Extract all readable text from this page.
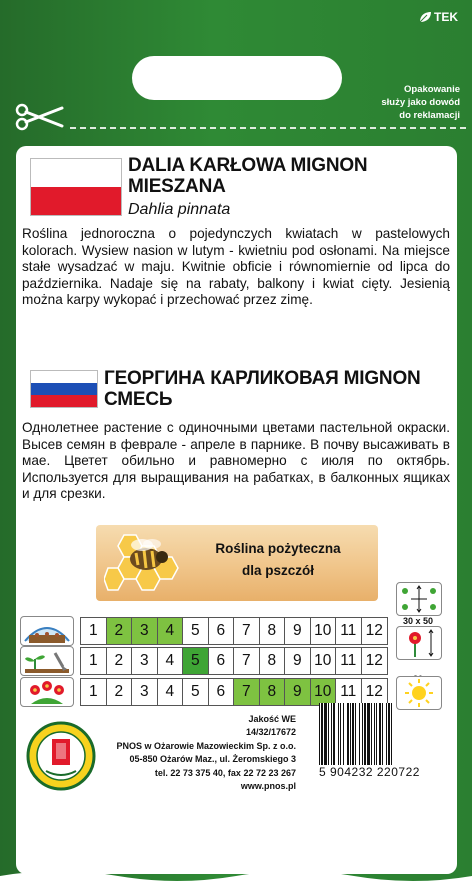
TEK
Opakowanie
służy jako dowód
do reklamacji
DALIA KARŁOWA MIGNON
MIESZANA
Dahlia pinnata
Roślina jednoroczna o pojedynczych kwiatach w pastelowych kolorach. Wysiew nasion w lutym - kwietniu pod osłonami. Na miejsce stałe wysadzać w maju. Kwitnie obficie i równomiernie od lipca do października. Nadaje się na rabaty, balkony i kwiat cięty. Jesienią można karpy wykopać i przechować przez zimę.
ГЕОРГИНА КАРЛИКОВАЯ MIGNON
СМЕСЬ
Однолетнее растение с одиночными цветами пастельной окраски. Высев семян в феврале - апреле в парнике. В почву высаживать в мае. Цветет обильно и равномерно с июля по октябрь. Используется для выращивания на рабатках, в балконных ящиках и для срезки.
Roślina pożyteczna
dla pszczół
1	2	3	4	5	6	7	8	9 10 11 12
1	2	3	4	5	6	7	8	9 10 11 12
1	2	3	4	5	6	7	8	9 10 11 12
30 x 50
Jakość WE
14/32/17672
PNOS w Ożarowie Mazowieckim Sp. z o.o.
05-850 Ożarów Maz., ul. Żeromskiego 3
tel. 22 73 375 40, fax 22 72 23 267
www.pnos.pl
5 904232 220722
